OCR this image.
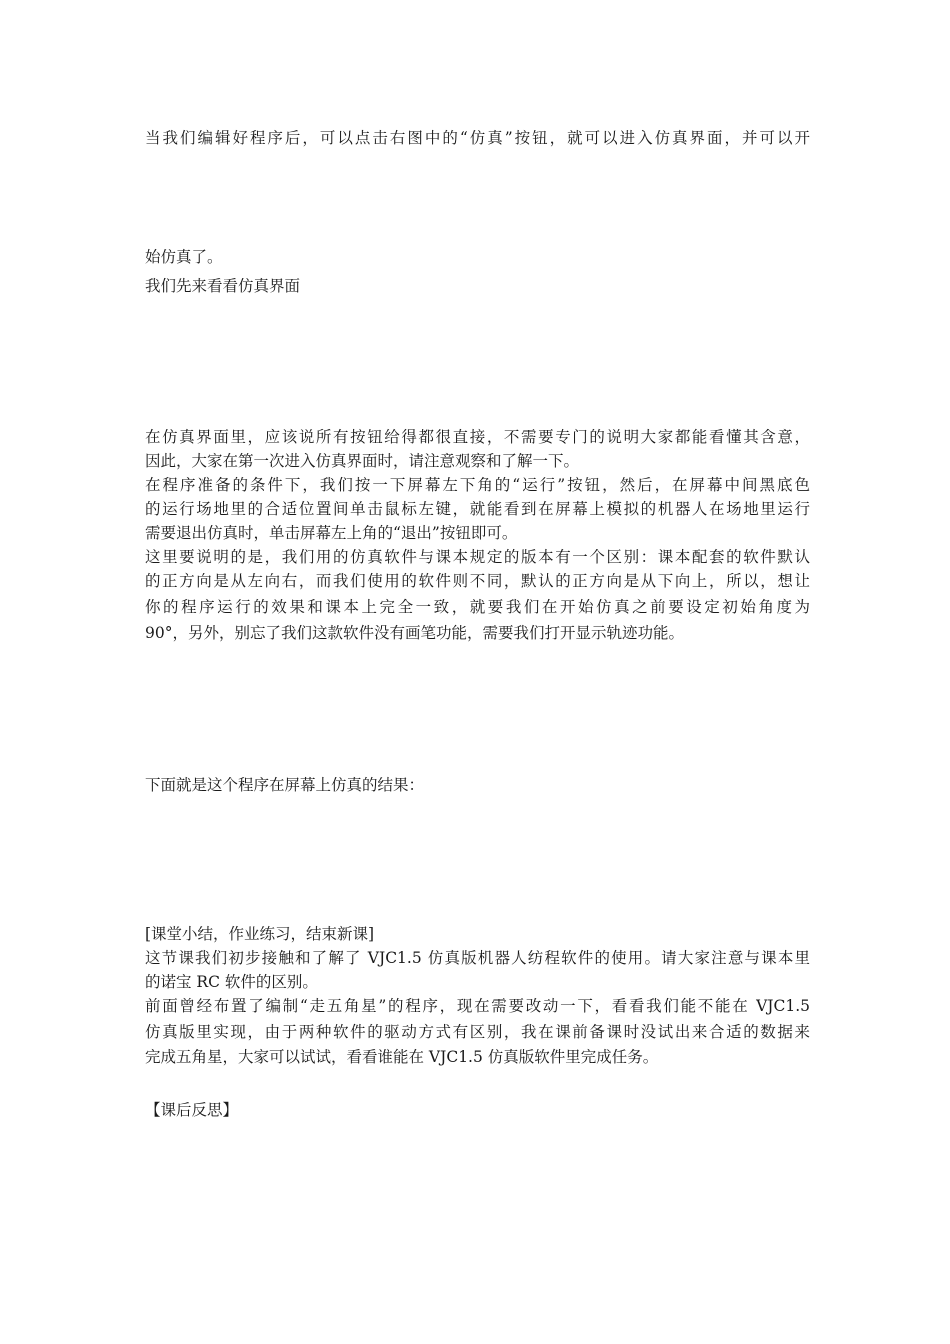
当我们编辑好程序后，可以点击右图中的“仿真”按钮，就可以进入仿真界面，并可以开
始仿真了。
我们先来看看仿真界面
在仿真界面里，应该说所有按钮给得都很直接，不需要专门的说明大家都能看懂其含意，
因此，大家在第一次进入仿真界面时，请注意观察和了解一下。
在程序准备的条件下，我们按一下屏幕左下角的“运行”按钮，然后，在屏幕中间黑底色
的运行场地里的合适位置间单击鼠标左键，就能看到在屏幕上模拟的机器人在场地里运行
需要退出仿真时，单击屏幕左上角的“退出”按钮即可。
这里要说明的是，我们用的仿真软件与课本规定的版本有一个区别：课本配套的软件默认
的正方向是从左向右，而我们使用的软件则不同，默认的正方向是从下向上，所以，想让
你的程序运行的效果和课本上完全一致，就要我们在开始仿真之前要设定初始角度为
90°，另外，别忘了我们这款软件没有画笔功能，需要我们打开显示轨迹功能。
下面就是这个程序在屏幕上仿真的结果：
[课堂小结，作业练习，结束新课]
这节课我们初步接触和了解了 VJC1.5 仿真版机器人纺程软件的使用。请大家注意与课本里
的诺宝 RC 软件的区别。
前面曾经布置了编制“走五角星”的程序，现在需要改动一下，看看我们能不能在 VJC1.5
仿真版里实现，由于两种软件的驱动方式有区别，我在课前备课时没试出来合适的数据来
完成五角星，大家可以试试，看看谁能在 VJC1.5 仿真版软件里完成任务。
【课后反思】
